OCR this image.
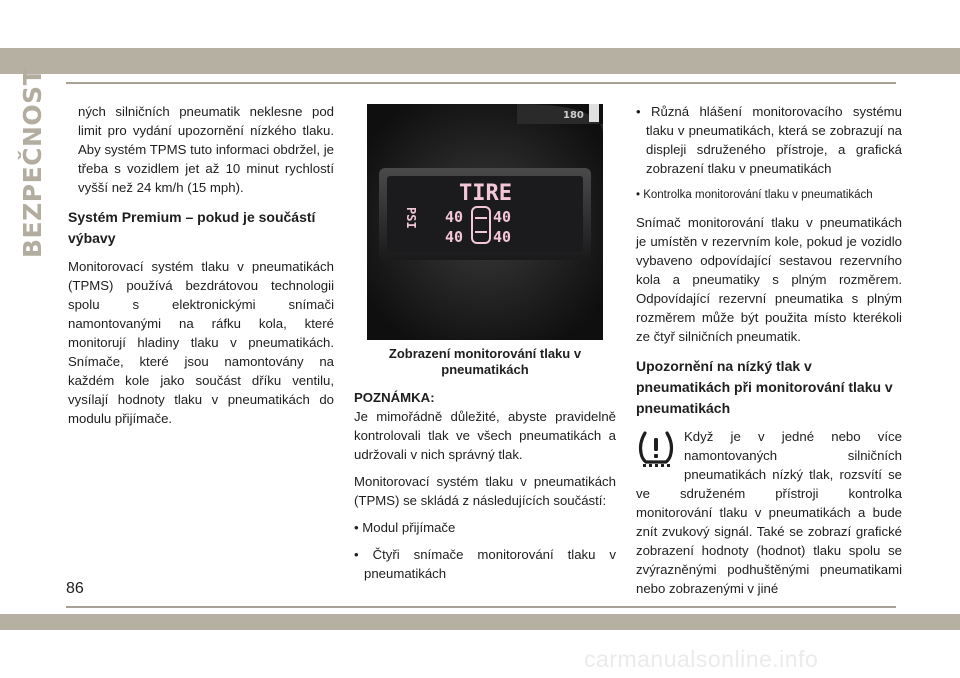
BEZPEČNOST	ných silničních pneumatik neklesne pod limit pro vydání upozornění nízkého tlaku. Aby systém TPMS tuto informaci obdržel, je třeba s vozidlem jet až 10 minut rychlostí vyšší než 24 km/h (15 mph).

Systém Premium – pokud je součástí výbavy

Monitorovací systém tlaku v pneumatikách (TPMS) používá bezdrátovou technologii spolu s elektronickými snímači namontovanými na ráfku kola, které monitorují hladiny tlaku v pneumatikách. Snímače, které jsou namontovány na každém kole jako součást dříku ventilu, vysílají hodnoty tlaku v pneumatikách do modulu přijímače.

180
TIRE
PSI 40 40
40 40
Zobrazení monitorování tlaku v pneumatikách
POZNÁMKA:

Je mimořádně důležité, abyste pravidelně kontrolovali tlak ve všech pneumatikách a udržovali v nich správný tlak.

Monitorovací systém tlaku v pneumatikách (TPMS) se skládá z následujících součástí:

• Modul přijímače
• Čtyři snímače monitorování tlaku v pneumatikách
• Různá hlášení monitorovacího systému tlaku v pneumatikách, která se zobrazují na displeji sdruženého přístroje, a grafická zobrazení tlaku v pneumatikách
• Kontrolka monitorování tlaku v pneumatikách

Snímač monitorování tlaku v pneumatikách je umístěn v rezervním kole, pokud je vozidlo vybaveno odpovídající sestavou rezervního kola a pneumatiky s plným rozměrem. Odpovídající rezervní pneumatika s plným rozměrem může být použita místo kterékoli ze čtyř silničních pneumatik.

Upozornění na nízký tlak v pneumatikách při monitorování tlaku v pneumatikách

Když je v jedné nebo více namontovaných silničních pneumatikách nízký tlak, rozsvítí se ve sdruženém přístroji kontrolka monitorování tlaku v pneumatikách a bude znít zvukový signál. Také se zobrazí grafické zobrazení hodnoty (hodnot) tlaku spolu se zvýrazněnými podhuštěnými pneumatikami nebo zobrazenými v jiné

86
carmanualsonline.info
